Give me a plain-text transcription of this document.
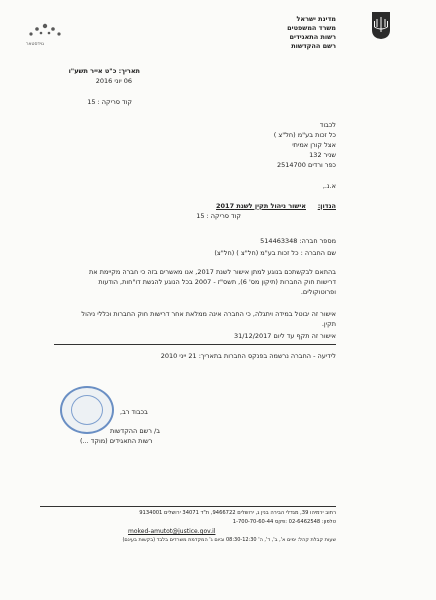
מדינת ישראל
משרד המשפטים
רשות התאגידים
רשם ההקדשות
גוידסטאר
תאריך: כ"ט אייר תשע"ו
06 יוני 2016
קוד סריקה : 15
לכבוד
כל זכות בע"מ (חל"צ )
אצל קורן אמיתי
שניר 132
כפר ורדים 2514700
א.נ.,
הנדון:
אישור ניהול תקין לשנת 2017
קוד סריקה : 15
מספר חברה: 514463348
שם החברה : כל זכות בע"מ (חל"צ ) (חל"צ)
בהתאם לבקשתכם בנוגע למתן אישור לשנת 2017, אנו מאשרים בזה כי חברה מקיימת את
דרישות חוק החברות (תיקון מס' 6), תשס"ז - 2007 בכל הנוגע להגשת דו"חות, הודעות
ופרוטוקולים.
אישור זה יבוטל במידה ויתגלה, כי החברה אינה ממלאת אחר דרישות חוק החברות וכללי ניהול
תקין.
אישור זה תקף עד ליום 31/12/2017
לידיעה - החברה נרשמה בפנקס החברות בתאריך: 21 ייני 2010
בכבוד רב,
ב/ רשם ההקדשות
רשות התאגידים (מוקד ...)
רחוב ירמיהו 39, מגדלי הבירה בנין ג, ירושלים 9466722, ת"ד 34071 ירושלים 9134001
טלפון: 02-6462548 :פקס 1-700-70-60-44
moked-amutot@justice.gov.il
שעות קבלת קהל: ימים א', ב', ד', ה' 08:30-12:30 וביום ג' המקדמת משרדים בלבד (בקשות בעינם)
